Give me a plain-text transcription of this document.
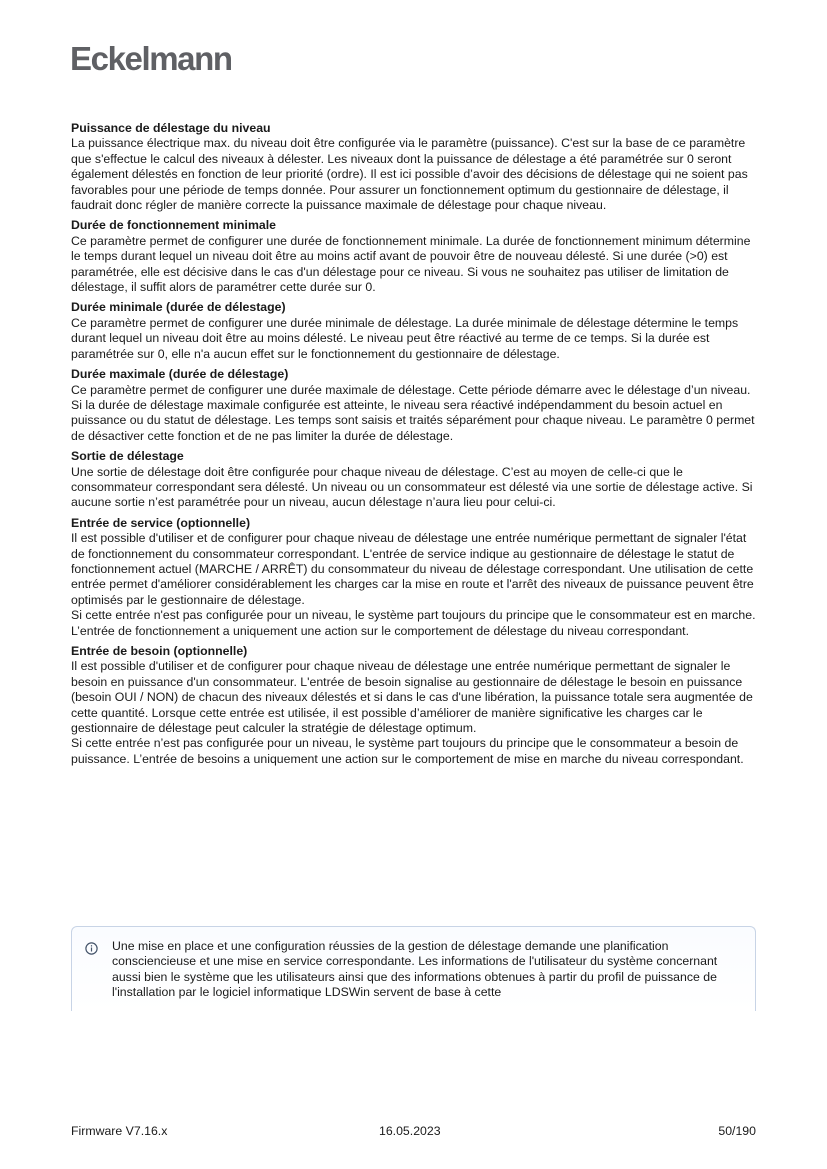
Eckelmann
Puissance de délestage du niveau

La puissance électrique max. du niveau doit être configurée via le paramètre (puissance). C'est sur la base de ce paramètre que s'effectue le calcul des niveaux à délester. Les niveaux dont la puissance de délestage a été paramétrée sur 0 seront également délestés en fonction de leur priorité (ordre). Il est ici possible d’avoir des décisions de délestage qui ne soient pas favorables pour une période de temps donnée. Pour assurer un fonctionnement optimum du gestionnaire de délestage, il faudrait donc régler de manière correcte la puissance maximale de délestage pour chaque niveau.

Durée de fonctionnement minimale

Ce paramètre permet de configurer une durée de fonctionnement minimale. La durée de fonctionnement minimum détermine le temps durant lequel un niveau doit être au moins actif avant de pouvoir être de nouveau délesté. Si une durée (>0) est paramétrée, elle est décisive dans le cas d'un délestage pour ce niveau. Si vous ne souhaitez pas utiliser de limitation de délestage, il suffit alors de paramétrer cette durée sur 0.

Durée minimale (durée de délestage)

Ce paramètre permet de configurer une durée minimale de délestage. La durée minimale de délestage détermine le temps durant lequel un niveau doit être au moins délesté. Le niveau peut être réactivé au terme de ce temps. Si la durée est paramétrée sur 0, elle n'a aucun effet sur le fonctionnement du gestionnaire de délestage.

Durée maximale (durée de délestage)

Ce paramètre permet de configurer une durée maximale de délestage. Cette période démarre avec le délestage d’un niveau. Si la durée de délestage maximale configurée est atteinte, le niveau sera réactivé indépendamment du besoin actuel en puissance ou du statut de délestage. Les temps sont saisis et traités séparément pour chaque niveau. Le paramètre 0 permet de désactiver cette fonction et de ne pas limiter la durée de délestage.

Sortie de délestage

Une sortie de délestage doit être configurée pour chaque niveau de délestage. C’est au moyen de celle-ci que le consommateur correspondant sera délesté. Un niveau ou un consommateur est délesté via une sortie de délestage active. Si aucune sortie n’est paramétrée pour un niveau, aucun délestage n’aura lieu pour celui-ci.

Entrée de service (optionnelle)

Il est possible d'utiliser et de configurer pour chaque niveau de délestage une entrée numérique permettant de signaler l'état de fonctionnement du consommateur correspondant. L'entrée de service indique au gestionnaire de délestage le statut de fonctionnement actuel (MARCHE / ARRÊT) du consommateur du niveau de délestage correspondant. Une utilisation de cette entrée permet d'améliorer considérablement les charges car la mise en route et l'arrêt des niveaux de puissance peuvent être optimisés par le gestionnaire de délestage.

Si cette entrée n'est pas configurée pour un niveau, le système part toujours du principe que le consommateur est en marche. L’entrée de fonctionnement a uniquement une action sur le comportement de délestage du niveau correspondant.

Entrée de besoin (optionnelle)

Il est possible d'utiliser et de configurer pour chaque niveau de délestage une entrée numérique permettant de signaler le besoin en puissance d'un consommateur. L'entrée de besoin signalise au gestionnaire de délestage le besoin en puissance (besoin OUI / NON) de chacun des niveaux délestés et si dans le cas d'une libération, la puissance totale sera augmentée de cette quantité. Lorsque cette entrée est utilisée, il est possible d’améliorer de manière significative les charges car le gestionnaire de délestage peut calculer la stratégie de délestage optimum.

Si cette entrée n’est pas configurée pour un niveau, le système part toujours du principe que le consommateur a besoin de puissance. L’entrée de besoins a uniquement une action sur le comportement de mise en marche du niveau correspondant.

Une mise en place et une configuration réussies de la gestion de délestage demande une planification consciencieuse et une mise en service correspondante. Les informations de l'utilisateur du système concernant aussi bien le système que les utilisateurs ainsi que des informations obtenues à partir du profil de puissance de l'installation par le logiciel informatique LDSWin servent de base à cette
Firmware V7.16.x	16.05.2023	50/190
